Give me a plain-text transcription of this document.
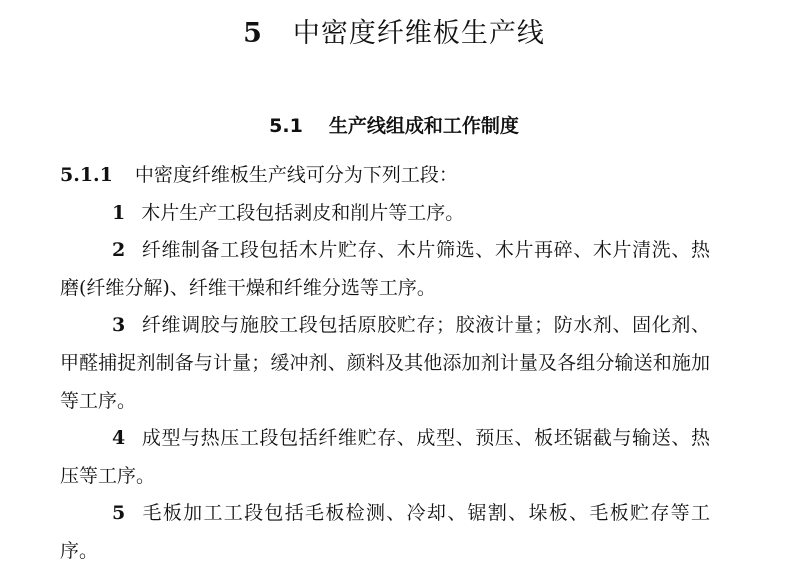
5 中密度纤维板生产线
5.1 生产线组成和工作制度

5.1.1 中密度纤维板生产线可分为下列工段：

1 木片生产工段包括剥皮和削片等工序。

2 纤维制备工段包括木片贮存、木片筛选、木片再碎、木片清洗、热磨(纤维分解)、纤维干燥和纤维分选等工序。

3 纤维调胶与施胶工段包括原胶贮存；胶液计量；防水剂、固化剂、甲醛捕捉剂制备与计量；缓冲剂、颜料及其他添加剂计量及各组分输送和施加等工序。

4 成型与热压工段包括纤维贮存、成型、预压、板坯锯截与输送、热压等工序。

5 毛板加工工段包括毛板检测、冷却、锯割、垛板、毛板贮存等工序。
